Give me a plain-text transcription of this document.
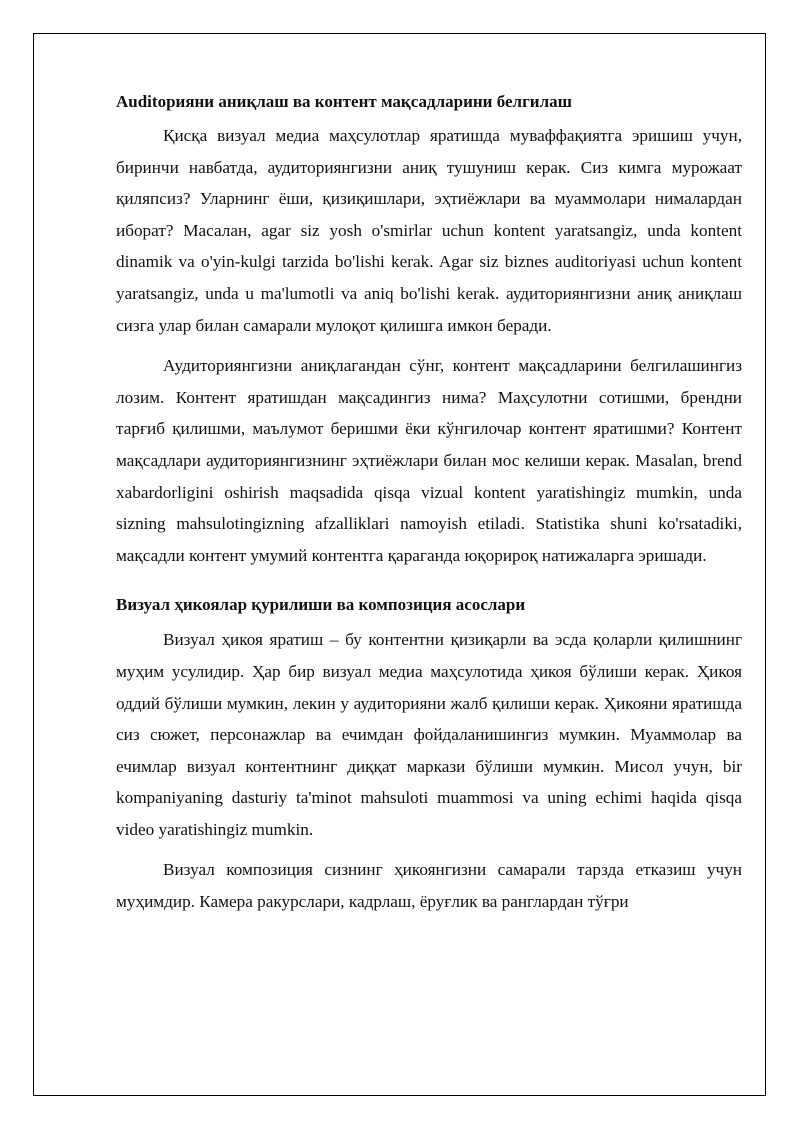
Auditорияни аниқлаш ва контент мақсадларини белгилаш

Қисқа визуал медиа маҳсулотлар яратишда муваффақиятга эришиш учун, биринчи навбатда, аудиториянгизни аниқ тушуниш керак. Сиз кимга мурожаат қиляпсиз? Уларнинг ёши, қизиқишлари, эҳтиёжлари ва муаммолари нималардан иборат? Масалан, agar siz yosh o'smirlar uchun kontent yaratsangiz, unda kontent dinamik va o'yin-kulgi tarzida bo'lishi kerak. Agar siz biznes auditoriyasi uchun kontent yaratsangiz, unda u ma'lumotli va aniq bo'lishi kerak. аудиториянгизни аниқ аниқлаш сизга улар билан самарали мулоқот қилишга имкон беради.

Аудиториянгизни аниқлагандан сўнг, контент мақсадларини белгилашингиз лозим. Контент яратишдан мақсадингиз нима? Маҳсулотни сотишми, брендни тарғиб қилишми, маълумот беришми ёки кўнгилочар контент яратишми? Контент мақсадлари аудиториянгизнинг эҳтиёжлари билан мос келиши керак. Masalan, brend xabardorligini oshirish maqsadida qisqa vizual kontent yaratishingiz mumkin, unda sizning mahsulotingizning afzalliklari namoyish etiladi. Statistika shuni ko'rsatadiki, мақсадли контент умумий контентга қараганда юқорироқ натижаларга эришади.

Визуал ҳикоялар қурилиши ва композиция асослари

Визуал ҳикоя яратиш – бу контентни қизиқарли ва эсда қоларли қилишнинг муҳим усулидир. Ҳар бир визуал медиа маҳсулотида ҳикоя бўлиши керак. Ҳикоя оддий бўлиши мумкин, лекин у аудиторияни жалб қилиши керак. Ҳикояни яратишда сиз сюжет, персонажлар ва ечимдан фойдаланишингиз мумкин. Муаммолар ва ечимлар визуал контентнинг диққат маркази бўлиши мумкин. Мисол учун, bir kompaniyaning dasturiy ta'minot mahsuloti muammosi va uning echimi haqida qisqa video yaratishingiz mumkin.

Визуал композиция сизнинг ҳикоянгизни самарали тарзда етказиш учун муҳимдир. Камера ракурслари, кадрлаш, ёруғлик ва ранглардан тўғри
